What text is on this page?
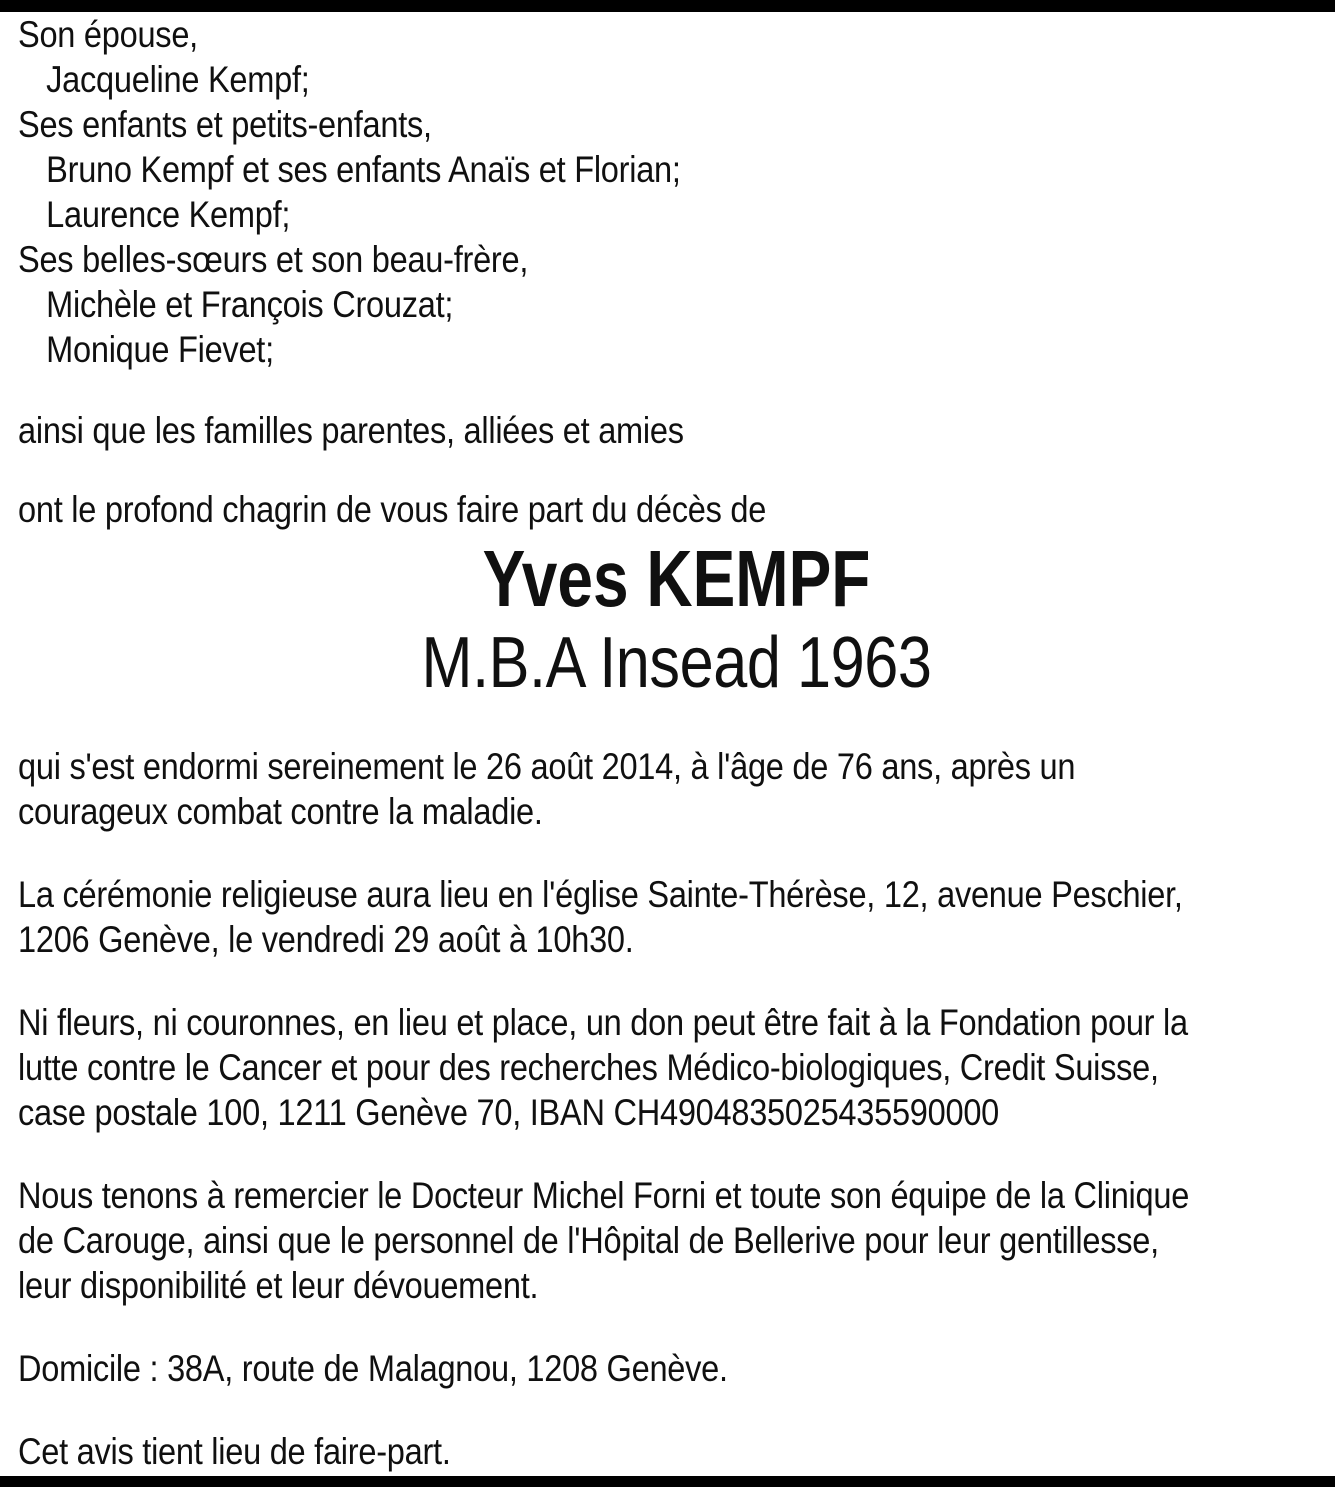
Son épouse,
Jacqueline Kempf;
Ses enfants et petits-enfants,
Bruno Kempf et ses enfants Anaïs et Florian;
Laurence Kempf;
Ses belles-sœurs et son beau-frère,
Michèle et François Crouzat;
Monique Fievet;
ainsi que les familles parentes, alliées et amies
ont le profond chagrin de vous faire part du décès de
Yves KEMPF
M.B.A Insead 1963
qui s'est endormi sereinement le 26 août 2014, à l'âge de 76 ans, après un
courageux combat contre la maladie.
La cérémonie religieuse aura lieu en l'église Sainte-Thérèse, 12, avenue Peschier,
1206 Genève, le vendredi 29 août à 10h30.
Ni fleurs, ni couronnes, en lieu et place, un don peut être fait à la Fondation pour la
lutte contre le Cancer et pour des recherches Médico-biologiques, Credit Suisse,
case postale 100, 1211 Genève 70, IBAN CH4904835025435590000
Nous tenons à remercier le Docteur Michel Forni et toute son équipe de la Clinique
de Carouge, ainsi que le personnel de l'Hôpital de Bellerive pour leur gentillesse,
leur disponibilité et leur dévouement.
Domicile : 38A, route de Malagnou, 1208 Genève.
Cet avis tient lieu de faire-part.
